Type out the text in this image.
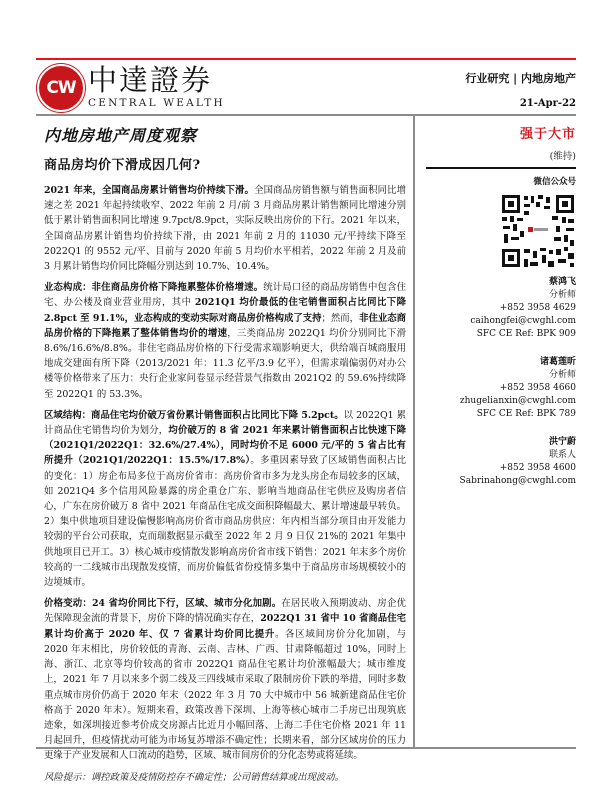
CW 中達證券
CENTRAL WEALTH
行业研究 | 内地房地产
21-Apr-22
内地房地产周度观察
商品房均价下滑成因几何?
强于大市
(维持)
微信公众号
蔡鸿飞
分析师
+852 3958 4629
caihongfei@cwghl.com
SFC CE Ref: BPK 909
诸葛莲昕
分析师
+852 3958 4660
zhugelianxin@cwghl.com
SFC CE Ref: BPK 789
洪宁蔚
联系人
+852 3958 4600
Sabrinahong@cwghl.com

2021 年来，全国商品房累计销售均价持续下滑。全国商品房销售额与销售面积同比增速之差 2021 年起持续收窄、2022 年前 2 月/前 3 月商品房累计销售额同比增速分别低于累计销售面积同比增速 9.7pct/8.9pct，实际反映出房价的下行。2021 年以来，全国商品房累计销售均价持续下滑，由 2021 年前 2 月的 11030 元/平持续下降至 2022Q1 的 9552 元/平、目前与 2020 年前 5 月均价水平相若，2022 年前 2 月及前 3 月累计销售均价同比降幅分别达到 10.7%、10.4%。

业态构成：非住商品房价格下降拖累整体价格增速。统计局口径的商品房销售中包含住宅、办公楼及商业营业用房，其中 2021Q1 均价最低的住宅销售面积占比同比下降 2.8pct 至 91.1%，业态构成的变动实际对商品房价格构成了支持；然而，非住业态商品房价格的下降拖累了整体销售均价的增速，三类商品房 2022Q1 均价分别同比下滑 8.6%/16.6%/8.8%。非住宅商品房价格的下行受需求端影响更大，供给端百城商服用地成交建面有所下降（2013/2021 年：11.3 亿平/3.9 亿平），但需求端偏弱仍对办公楼等价格带来了压力：央行企业家问卷显示经营景气指数由 2021Q2 的 59.6%持续降至 2022Q1 的 53.3%。

区域结构：商品住宅均价破万省份累计销售面积占比同比下降 5.2pct。以 2022Q1 累计商品住宅销售均价为划分，均价破万的 8 省 2021 年来累计销售面积占比快速下降（2021Q1/2022Q1：32.6%/27.4%），同时均价不足 6000 元/平的 5 省占比有所提升（2021Q1/2022Q1：15.5%/17.8%）。多重因素导致了区域销售面积占比的变化：1）房企布局多位于高房价省市：高房价省市多为龙头房企布局较多的区域，如 2021Q4 多个信用风险暴露的房企重仓广东、影响当地商品住宅供应及购房者信心，广东在房价破万 8 省中 2021 年商品住宅成交面积降幅最大、累计增速最早转负。2）集中供地项目建设偏慢影响高房价省市商品房供应：年内相当部分项目由开发能力较弱的平台公司获取，克而瑞数据显示截至 2022 年 2 月 9 日仅 21%的 2021 年集中供地项目已开工。3）核心城市疫情散发影响高房价省市线下销售：2021 年末多个房价较高的一二线城市出现散发疫情，而房价偏低省份疫情多集中于商品房市场规模较小的边境城市。

价格变动：24 省均价同比下行，区域、城市分化加剧。在居民收入预期波动、房企优先保障现金流的背景下，房价下降的情况确实存在，2022Q1 31 省中 10 省商品住宅累计均价高于 2020 年、仅 7 省累计均价同比提升。各区域间房价分化加剧，与 2020 年末相比，房价较低的青海、云南、吉林、广西、甘肃降幅超过 10%，同时上海、浙江、北京等均价较高的省市 2022Q1 商品住宅累计均价涨幅最大；城市维度上，2021 年 7 月以来多个弱二线及三四线城市采取了限制房价下跌的举措，同时多数重点城市房价仍高于 2020 年末（2022 年 3 月 70 大中城市中 56 城新建商品住宅价格高于 2020 年末）。短期来看，政策改善下深圳、上海等核心城市二手房已出现筑底迹象，如深圳接近参考价成交房源占比近月小幅回落、上海二手住宅价格 2021 年 11 月起回升，但疫情扰动可能为市场复苏增添不确定性；长期来看，部分区域房价的压力更缘于产业发展和人口流动的趋势，区域、城市间房价的分化态势或将延续。

风险提示：调控政策及疫情防控存不确定性；公司销售结算或出现波动。
